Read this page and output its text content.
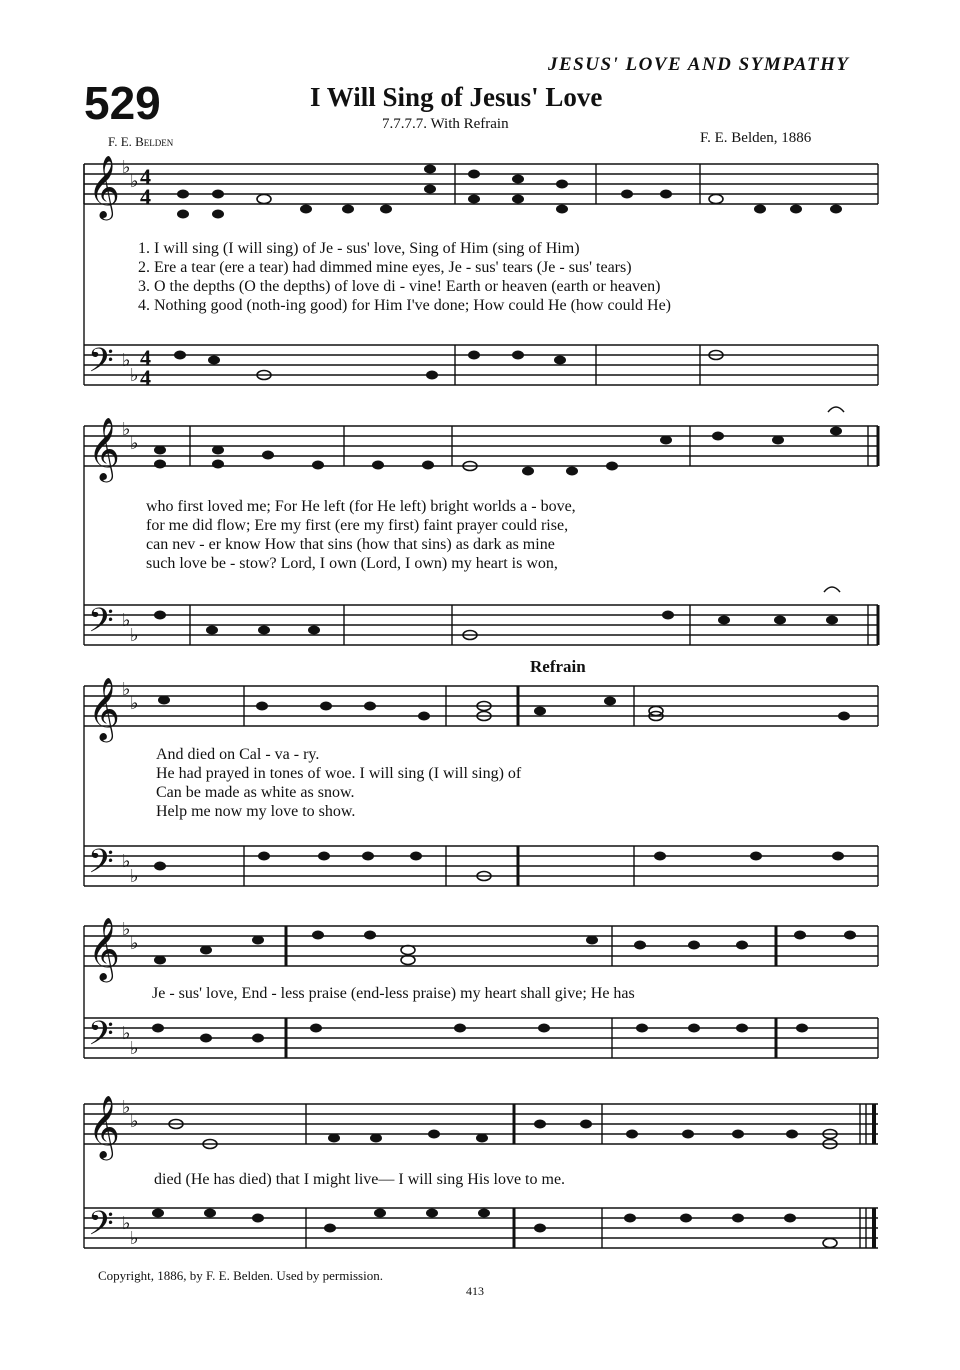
JESUS' LOVE AND SYMPATHY
529	I Will Sing of Jesus' Love
7.7.7.7. With Refrain
F. E. Belden	F. E. Belden, 1886
𝄞
𝄢
𝄞
𝄢
𝄞
𝄢
𝄞
𝄢
𝄞
𝄢
♭
♭
♭
♭
♭
♭
♭
♭
♭
♭
♭
♭
♭
♭
♭
♭
♭
♭
♭
♭
4
4
4
4
Refrain
1. I will sing (I will sing) of Je - sus' love, Sing of Him (sing of Him)
2. Ere a tear (ere a tear) had dimmed mine eyes, Je - sus' tears (Je - sus' tears)
3. O the depths (O the depths) of love di - vine! Earth or heaven (earth or heaven)
4. Nothing good (noth-ing good) for Him I've done; How could He (how could He)
who first loved me; For He left (for He left) bright worlds a - bove,
for me did flow; Ere my first (ere my first) faint prayer could rise,
can nev - er know How that sins (how that sins) as dark as mine
such love be - stow? Lord, I own (Lord, I own) my heart is won,
And died on Cal - va - ry.
He had prayed in tones of woe. I will sing (I will sing) of
Can be made as white as snow.
Help me now my love to show.
Je - sus' love, End - less praise (end-less praise) my heart shall give; He has
died (He has died) that I might live— I will sing His love to me.
Copyright, 1886, by F. E. Belden. Used by permission.
413
